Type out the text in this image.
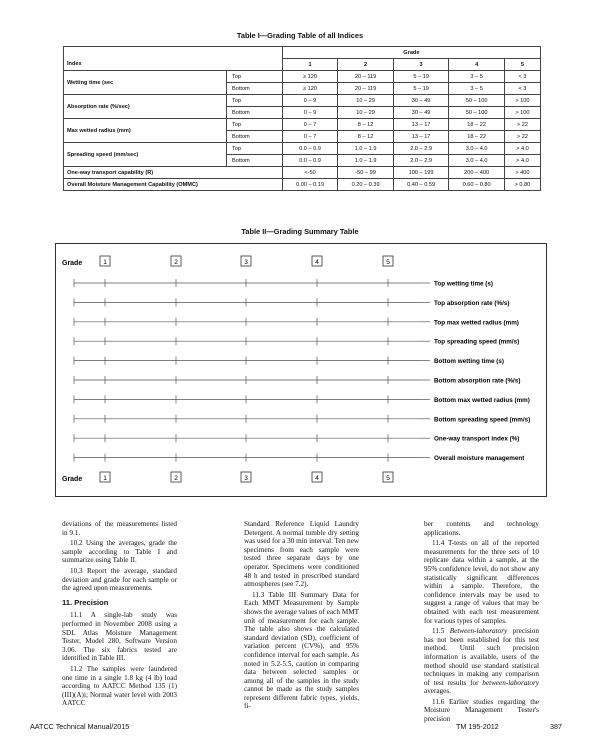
Table I—Grading Table of all Indices
		Grade				
Index		1	2	3	4	5
Wetting time (sec	Top	≥ 120	20 – 119	5 – 19	3 – 5	< 3
	Bottom	≥ 120	20 – 119	5 – 19	3 – 5	< 3
Absorption rate (%/sec)	Top	0 – 9	10 – 29	30 – 49	50 – 100	> 100
	Bottom	0 – 9	10 – 29	30 – 49	50 – 100	> 100
Max wetted radius (mm)	Top	0 – 7	8 – 12	13 – 17	18 – 22	> 22
	Bottom	0 – 7	8 – 12	13 – 17	18 – 22	> 22
Spreading speed (mm/sec)	Top	0.0 – 0.9	1.0 – 1.9	2.0 – 2.9	3.0 – 4.0	> 4.0
	Bottom	0.0 – 0.9	1.0 – 1.9	2.0 – 2.9	3.0 – 4.0	> 4.0
One-way transport capability (R)		<-50	-50 – 99	100 – 199	200 – 400	> 400
Overall Moisture Management Capability (OMMC)		0.00 – 0.19	0.20 – 0.39	0.40 – 0.59	0.60 – 0.80	> 0.80
Table II—Grading Summary Table
Grade	1	2	3	4	5
Top wetting time (s)
Top absorption rate (%/s)
Top max wetted radius (mm)
Top spreading speed (mm/s)
Bottom wetting time (s)
Bottom absorption rate (%/s)
Bottom max wetted radius (mm)
Bottom spreading speed (mm/s)
One-way transport index (%)
Overall moisture management
Grade	1	2	3	4	5

deviations of the measurements listed in 9.1.

10.2 Using the averages, grade the sample according to Table I and summarize using Table II.

10.3 Report the average, standard deviation and grade for each sample or the agreed upon measurements.

11. Precision

11.1 A single-lab study was performed in November 2008 using a SDL Atlas Moisture Management Tester, Model 280, Software Version 3.06. The six fabrics tested are identified in Table III.

11.2 The samples were laundered one time in a single 1.8 kg (4 lb) load according to AATCC Method 135 (1)(III)(A)i; Normal water level with 2003 AATCC

Standard Reference Liquid Laundry Detergent. A normal tumble dry setting was used for a 30 min interval. Ten new specimens from each sample were tested three separate days by one operator. Specimens were conditioned 48 h and tested in prescribed standard atmospheres (see 7.2).

11.3 Table III Summary Data for Each MMT Measurement by Sample shows the average values of each MMT unit of measurement for each sample. The table also shows the calculated standard deviation (SD), coefficient of variation percent (CV%), and 95% confidence interval for each sample. As noted in 5.2-5.5, caution in comparing data between selected samples or among all of the samples in the study cannot be made as the study samples represent different fabric types, yields, fi-

ber contents and technology applications.

11.4 T-tests on all of the reported measurements for the three sets of 10 replicate data within a sample, at the 95% confidence level, do not show any statistically significant differences within a sample. Therefore, the confidence intervals may be used to suggest a range of values that may be obtained with each test measurement for various types of samples.

11.5 Between-laboratory precision has not been established for this test method. Until such precision information is available, users of the method should use standard statistical techniques in making any comparison of test results for between-laboratory averages.

11.6 Earlier studies regarding the Moisture Management Tester's precision

AATCC Technical Manual/2015	TM 195-2012	387
